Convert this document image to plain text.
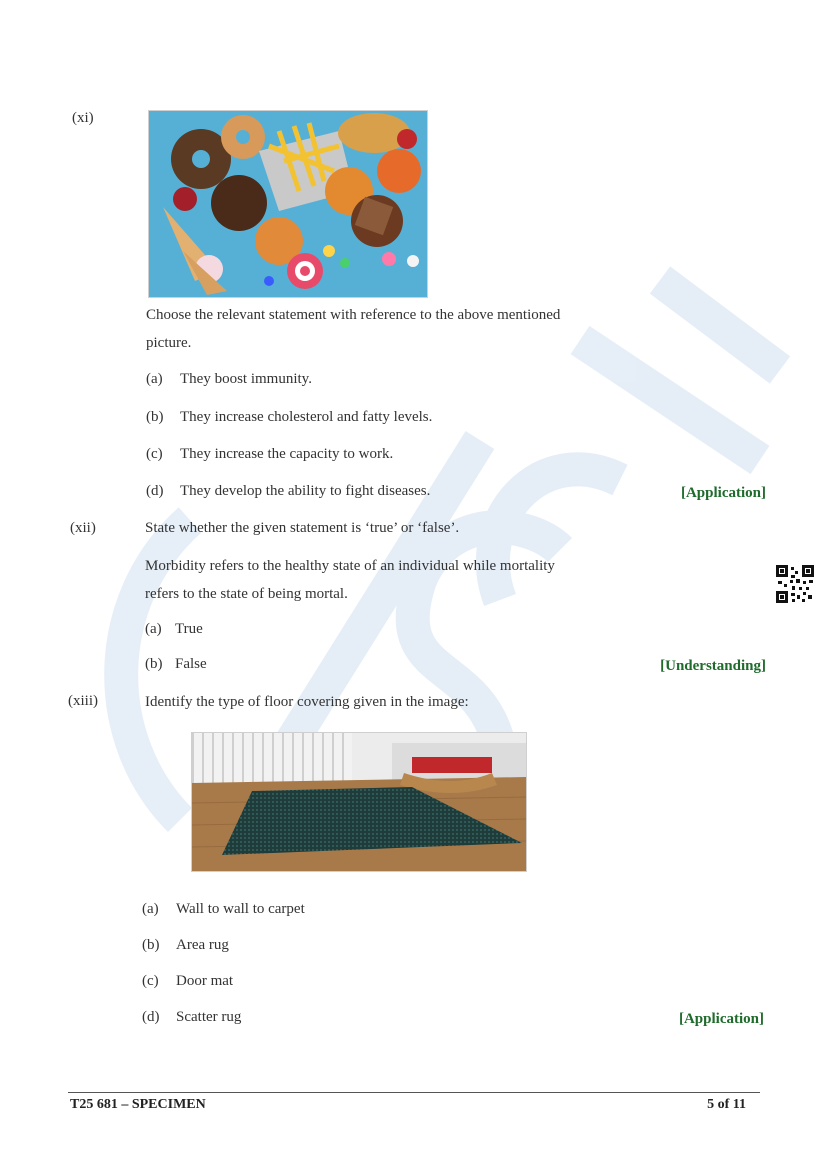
(xi)
Choose the relevant statement with reference to the above mentioned
picture.
(a) They boost immunity.
(b) They increase cholesterol and fatty levels.
(c) They increase the capacity to work.
(d) They develop the ability to fight diseases.	[Application]
(xii)	State whether the given statement is ‘true’ or ‘false’.
Morbidity refers to the healthy state of an individual while mortality
refers to the state of being mortal.
(a) True
(b) False	[Understanding]
(xiii)	Identify the type of floor covering given in the image:
(a) Wall to wall to carpet
(b) Area rug
(c) Door mat
(d) Scatter rug	[Application]
T25 681 – SPECIMEN	5 of 11
